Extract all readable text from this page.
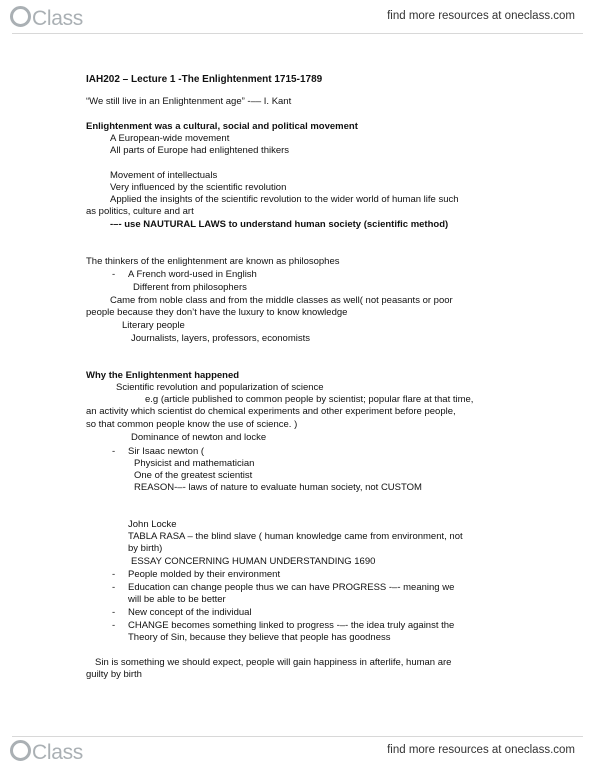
Class	find more resources at oneclass.com
IAH202 – Lecture 1 -The Enlightenment 1715-1789
“We still live in an Enlightenment age” -–– I. Kant
Enlightenment was a cultural, social and political movement
A European-wide movement
All parts of Europe had enlightened thikers
Movement of intellectuals
Very influenced by the scientific revolution
Applied the insights of the scientific revolution to the wider world of human life such
as politics, culture and art
-–- use NAUTURAL LAWS to understand human society (scientific method)
The thinkers of the enlightenment are known as philosophes
- A French word-used in English
Different from philosophers
Came from noble class and from the middle classes as well( not peasants or poor
people because they don’t have the luxury to know knowledge
Literary people
Journalists, layers, professors, economists
Why the Enlightenment happened
Scientific revolution and popularization of science
e.g (article published to common people by scientist; popular flare at that time,
an activity which scientist do chemical experiments and other experiment before people,
so that common people know the use of science. )
Dominance of newton and locke
- Sir Isaac newton (
Physicist and mathematician
One of the greatest scientist
REASON-–- laws of nature to evaluate human society, not CUSTOM
John Locke
TABLA RASA – the blind slave ( human knowledge came from environment, not
by birth)
ESSAY CONCERNING HUMAN UNDERSTANDING 1690
- People molded by their environment
- Education can change people thus we can have PROGRESS -–- meaning we
will be able to be better
- New concept of the individual
- CHANGE becomes something linked to progress -–- the idea truly against the
Theory of Sin, because they believe that people has goodness
Sin is something we should expect, people will gain happiness in afterlife, human are
guilty by birth
Class	find more resources at oneclass.com
